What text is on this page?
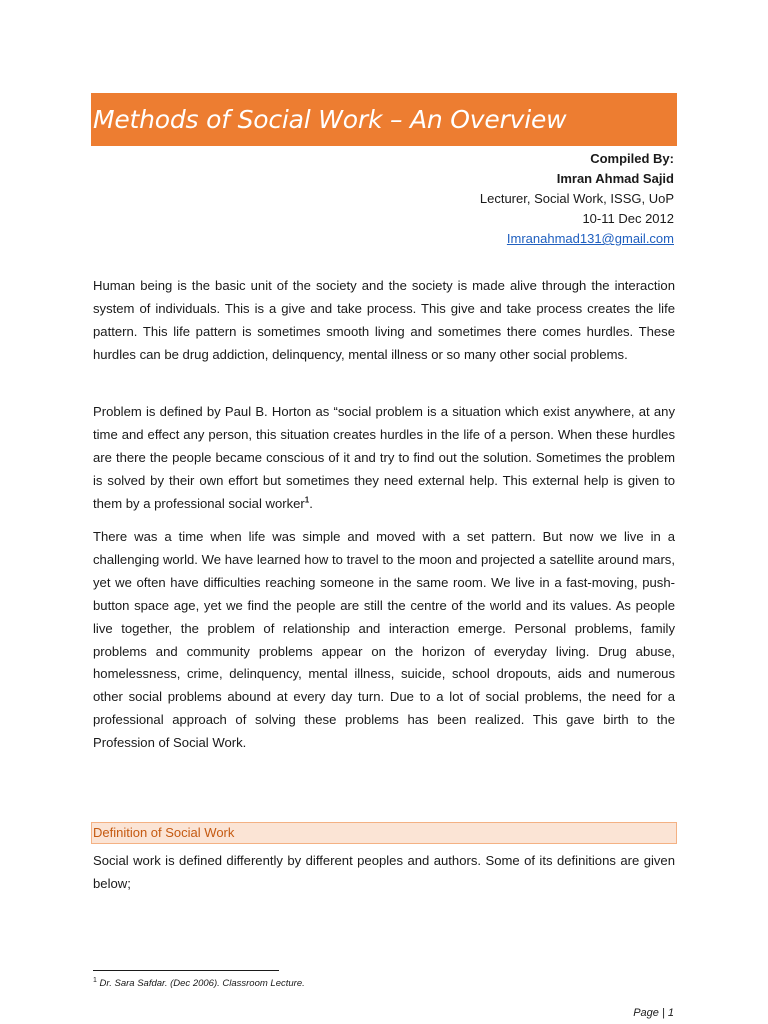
Methods of Social Work – An Overview
Compiled By:
Imran Ahmad Sajid
Lecturer, Social Work, ISSG, UoP
10-11 Dec 2012
Imranahmad131@gmail.com
Human being is the basic unit of the society and the society is made alive through the interaction system of individuals. This is a give and take process. This give and take process creates the life pattern. This life pattern is sometimes smooth living and sometimes there comes hurdles. These hurdles can be drug addiction, delinquency, mental illness or so many other social problems.
Problem is defined by Paul B. Horton as “social problem is a situation which exist anywhere, at any time and effect any person, this situation creates hurdles in the life of a person. When these hurdles are there the people became conscious of it and try to find out the solution. Sometimes the problem is solved by their own effort but sometimes they need external help. This external help is given to them by a professional social worker$^1$.
There was a time when life was simple and moved with a set pattern. But now we live in a challenging world. We have learned how to travel to the moon and projected a satellite around mars, yet we often have difficulties reaching someone in the same room. We live in a fast-moving, push-button space age, yet we find the people are still the centre of the world and its values. As people live together, the problem of relationship and interaction emerge. Personal problems, family problems and community problems appear on the horizon of everyday living. Drug abuse, homelessness, crime, delinquency, mental illness, suicide, school dropouts, aids and numerous other social problems abound at every day turn. Due to a lot of social problems, the need for a professional approach of solving these problems has been realized. This gave birth to the Profession of Social Work.
Definition of Social Work
Social work is defined differently by different peoples and authors. Some of its definitions are given below;
$^1$ Dr. Sara Safdar. (Dec 2006). Classroom Lecture.
Page | 1
